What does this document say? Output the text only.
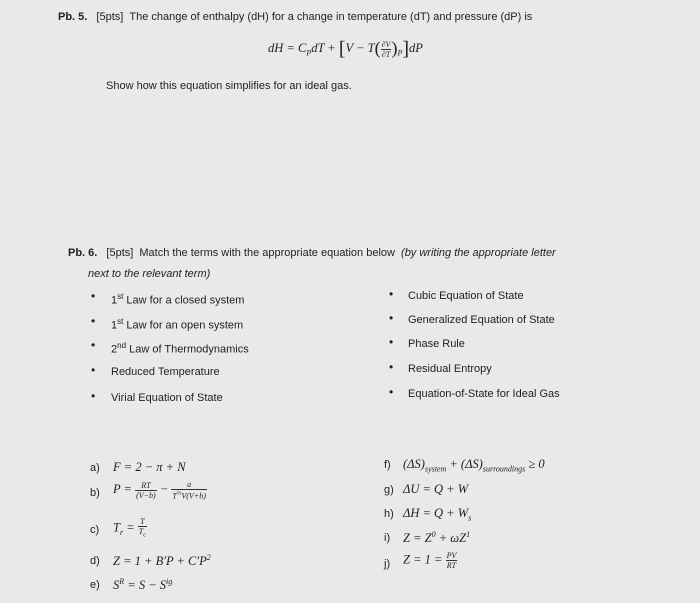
Pb. 5. [5pts] The change of enthalpy (dH) for a change in temperature (dT) and pressure (dP) is
dH = $C_PdT + [V - T( \frac{\partial V}{\partial T} )_P]dP$
Show how this equation simplifies for an ideal gas.
Pb. 6. [5pts] Match the terms with the appropriate equation below (by writing the appropriate letter
next to the relevant term)
• 1st Law for a closed system
• 1st Law for an open system
• 2nd Law of Thermodynamics
• Reduced Temperature
• Virial Equation of State
• Cubic Equation of State
• Generalized Equation of State
• Phase Rule
• Residual Entropy
• Equation-of-State for Ideal Gas
a) F = 2 − π + N
b) $P = \frac{RT}{(V-b)} - \frac{a}{T^{\frac{1}{2}}V(V+b)}$
c) $T_r = \frac{T}{T_c}$
d) $Z = 1 + B'P + C'P^2$
e) $S^R = S - S^{ig}$
f) $(\Delta S)_{system} + (\Delta S)_{surroundings} \ge 0$
g) ΔU = Q + W
h) $\Delta H = Q + W_s$
i) $Z = Z^0 + \omega Z^1$
j) $Z = 1 = \frac{PV}{RT}$
